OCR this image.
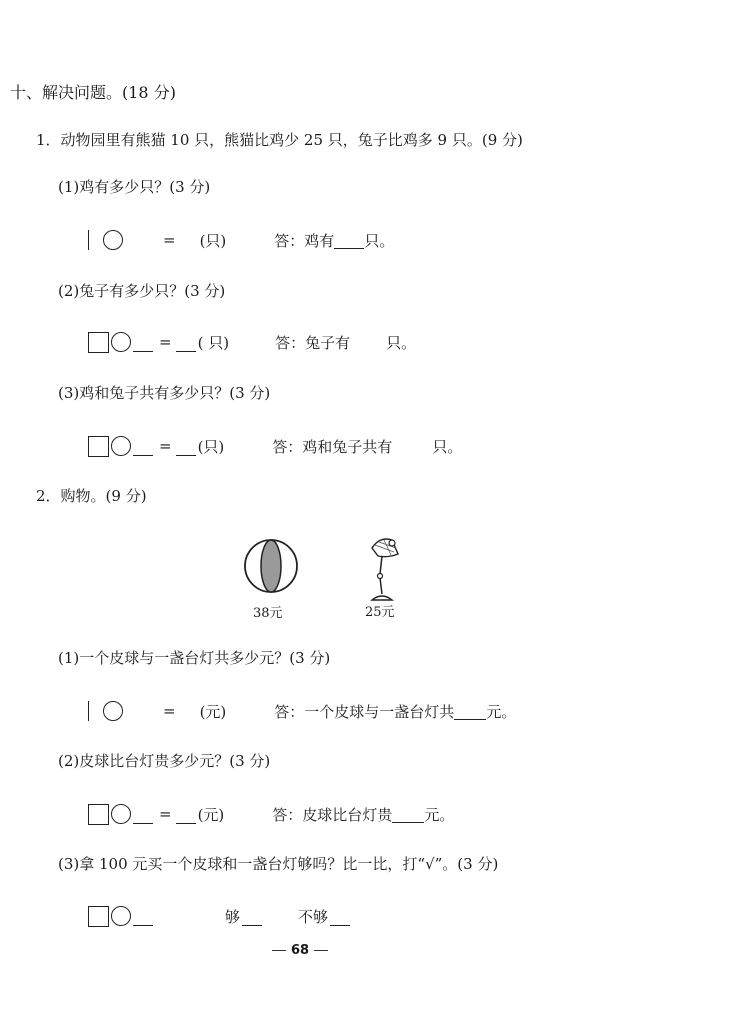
十、解决问题。(18 分)
1．动物园里有熊猫 10 只，熊猫比鸡少 25 只，兔子比鸡多 9 只。(9 分)
(1)鸡有多少只？(3 分)
= (只)	答：鸡有 只。
(2)兔子有多少只？(3 分)
= ( 只)	答：兔子有 只。
(3)鸡和兔子共有多少只？(3 分)
= (只)	答：鸡和兔子共有	只。
2．购物。(9 分)
38元	25元
(1)一个皮球与一盏台灯共多少元？(3 分)
= (元)	答：一个皮球与一盏台灯共 元。
(2)皮球比台灯贵多少元？(3 分)
= (元)	答：皮球比台灯贵 元。
(3)拿 100 元买一个皮球和一盏台灯够吗？比一比，打“√”。(3 分)
够	不够
68
